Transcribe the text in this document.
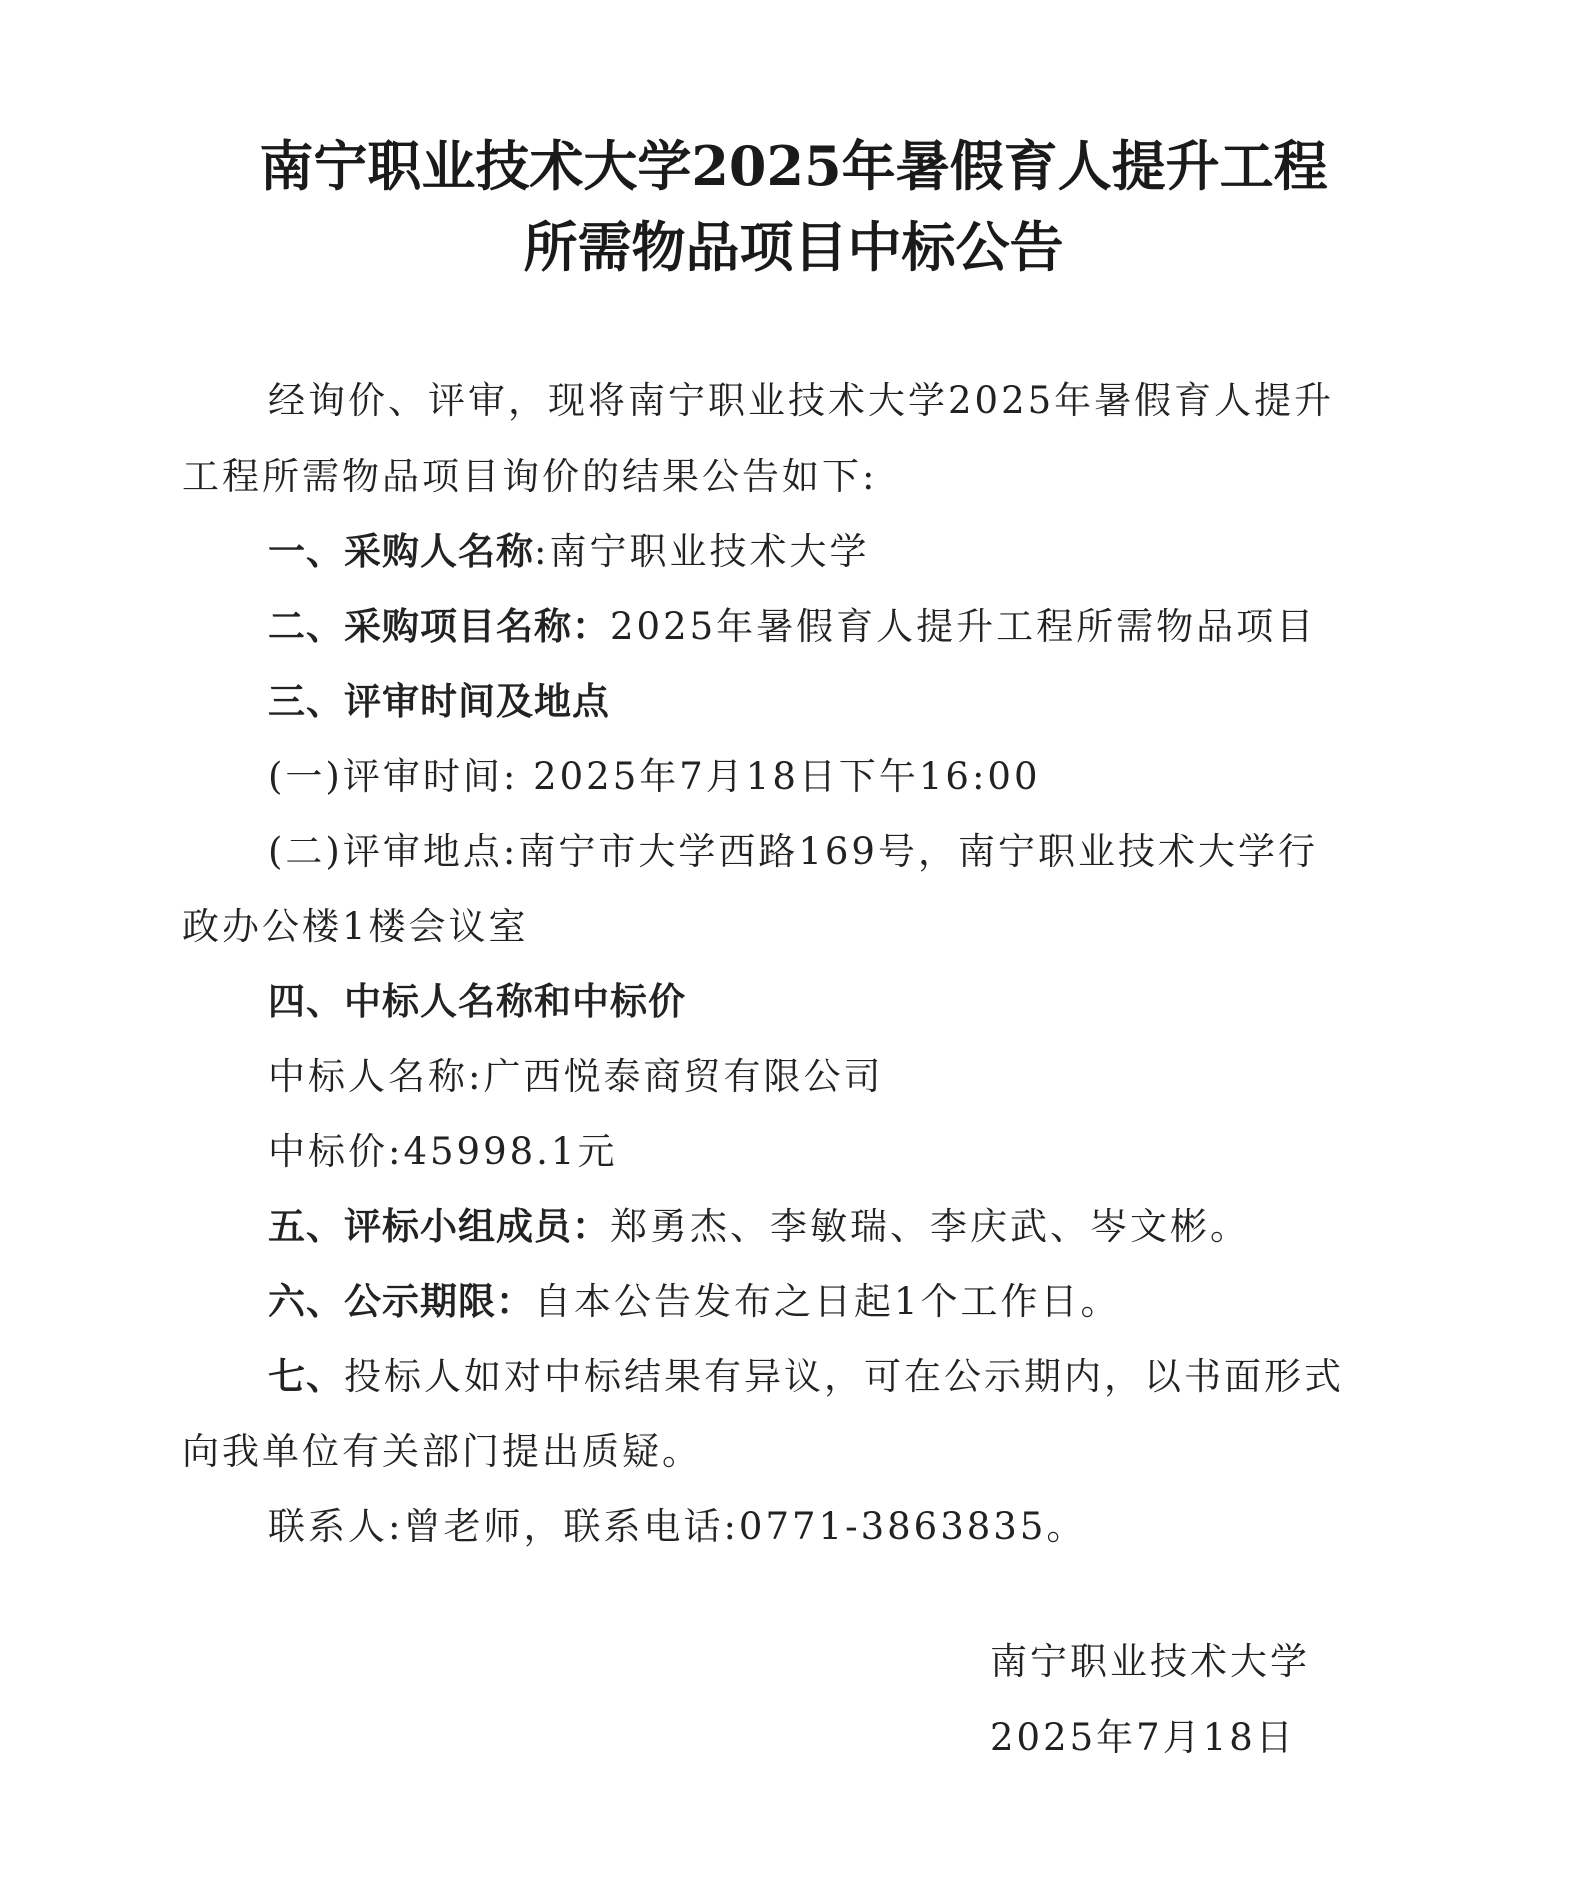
南宁职业技术大学2025年暑假育人提升工程
所需物品项目中标公告
经询价、评审，现将南宁职业技术大学2025年暑假育人提升
工程所需物品项目询价的结果公告如下:
一、采购人名称:南宁职业技术大学
二、采购项目名称：2025年暑假育人提升工程所需物品项目
三、评审时间及地点
(一)评审时间: 2025年7月18日下午16:00
(二)评审地点:南宁市大学西路169号，南宁职业技术大学行
政办公楼1楼会议室
四、中标人名称和中标价
中标人名称:广西悦泰商贸有限公司
中标价:45998.1元
五、评标小组成员：郑勇杰、李敏瑞、李庆武、岑文彬。
六、公示期限：自本公告发布之日起1个工作日。
七、投标人如对中标结果有异议，可在公示期内，以书面形式
向我单位有关部门提出质疑。
联系人:曾老师，联系电话:0771-3863835。
南宁职业技术大学
2025年7月18日
